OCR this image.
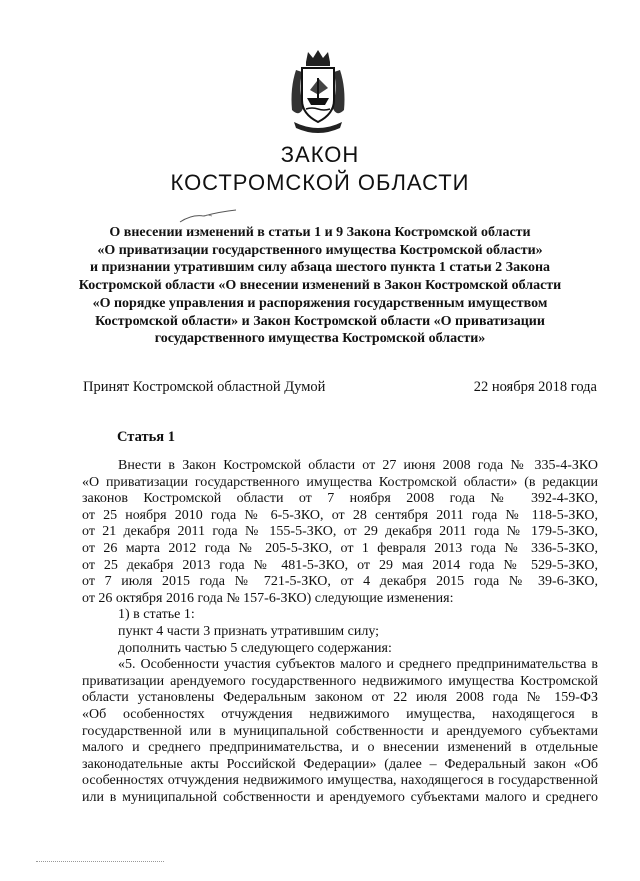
ЗАКОН
КОСТРОМСКОЙ ОБЛАСТИ
О внесении изменений в статьи 1 и 9 Закона Костромской области
«О приватизации государственного имущества Костромской области»
и признании утратившим силу абзаца шестого пункта 1 статьи 2 Закона
Костромской области «О внесении изменений в Закон Костромской области
«О порядке управления и распоряжения государственным имуществом
Костромской области» и Закон Костромской области «О приватизации
государственного имущества Костромской области»
Принят Костромской областной Думой	22 ноября 2018 года
Статья 1
Внести в Закон Костромской области от 27 июня 2008 года № 335-4-ЗКО
«О приватизации государственного имущества Костромской области» (в редакции
законов Костромской области от 7 ноября 2008 года № 392-4-ЗКО,
от 25 ноября 2010 года № 6-5-ЗКО, от 28 сентября 2011 года № 118-5-ЗКО,
от 21 декабря 2011 года № 155-5-ЗКО, от 29 декабря 2011 года № 179-5-ЗКО,
от 26 марта 2012 года № 205-5-ЗКО, от 1 февраля 2013 года № 336-5-ЗКО,
от 25 декабря 2013 года № 481-5-ЗКО, от 29 мая 2014 года № 529-5-ЗКО,
от 7 июля 2015 года № 721-5-ЗКО, от 4 декабря 2015 года № 39-6-ЗКО,
от 26 октября 2016 года № 157-6-ЗКО) следующие изменения:
1) в статье 1:
пункт 4 части 3 признать утратившим силу;
дополнить частью 5 следующего содержания:
«5. Особенности участия субъектов малого и среднего предпринимательства в
приватизации арендуемого государственного недвижимого имущества Костромской
области установлены Федеральным законом от 22 июля 2008 года № 159-ФЗ
«Об особенностях отчуждения недвижимого имущества, находящегося в
государственной или в муниципальной собственности и арендуемого субъектами
малого и среднего предпринимательства, и о внесении изменений в отдельные
законодательные акты Российской Федерации» (далее – Федеральный закон «Об
особенностях отчуждения недвижимого имущества, находящегося в государственной
или в муниципальной собственности и арендуемого субъектами малого и среднего
